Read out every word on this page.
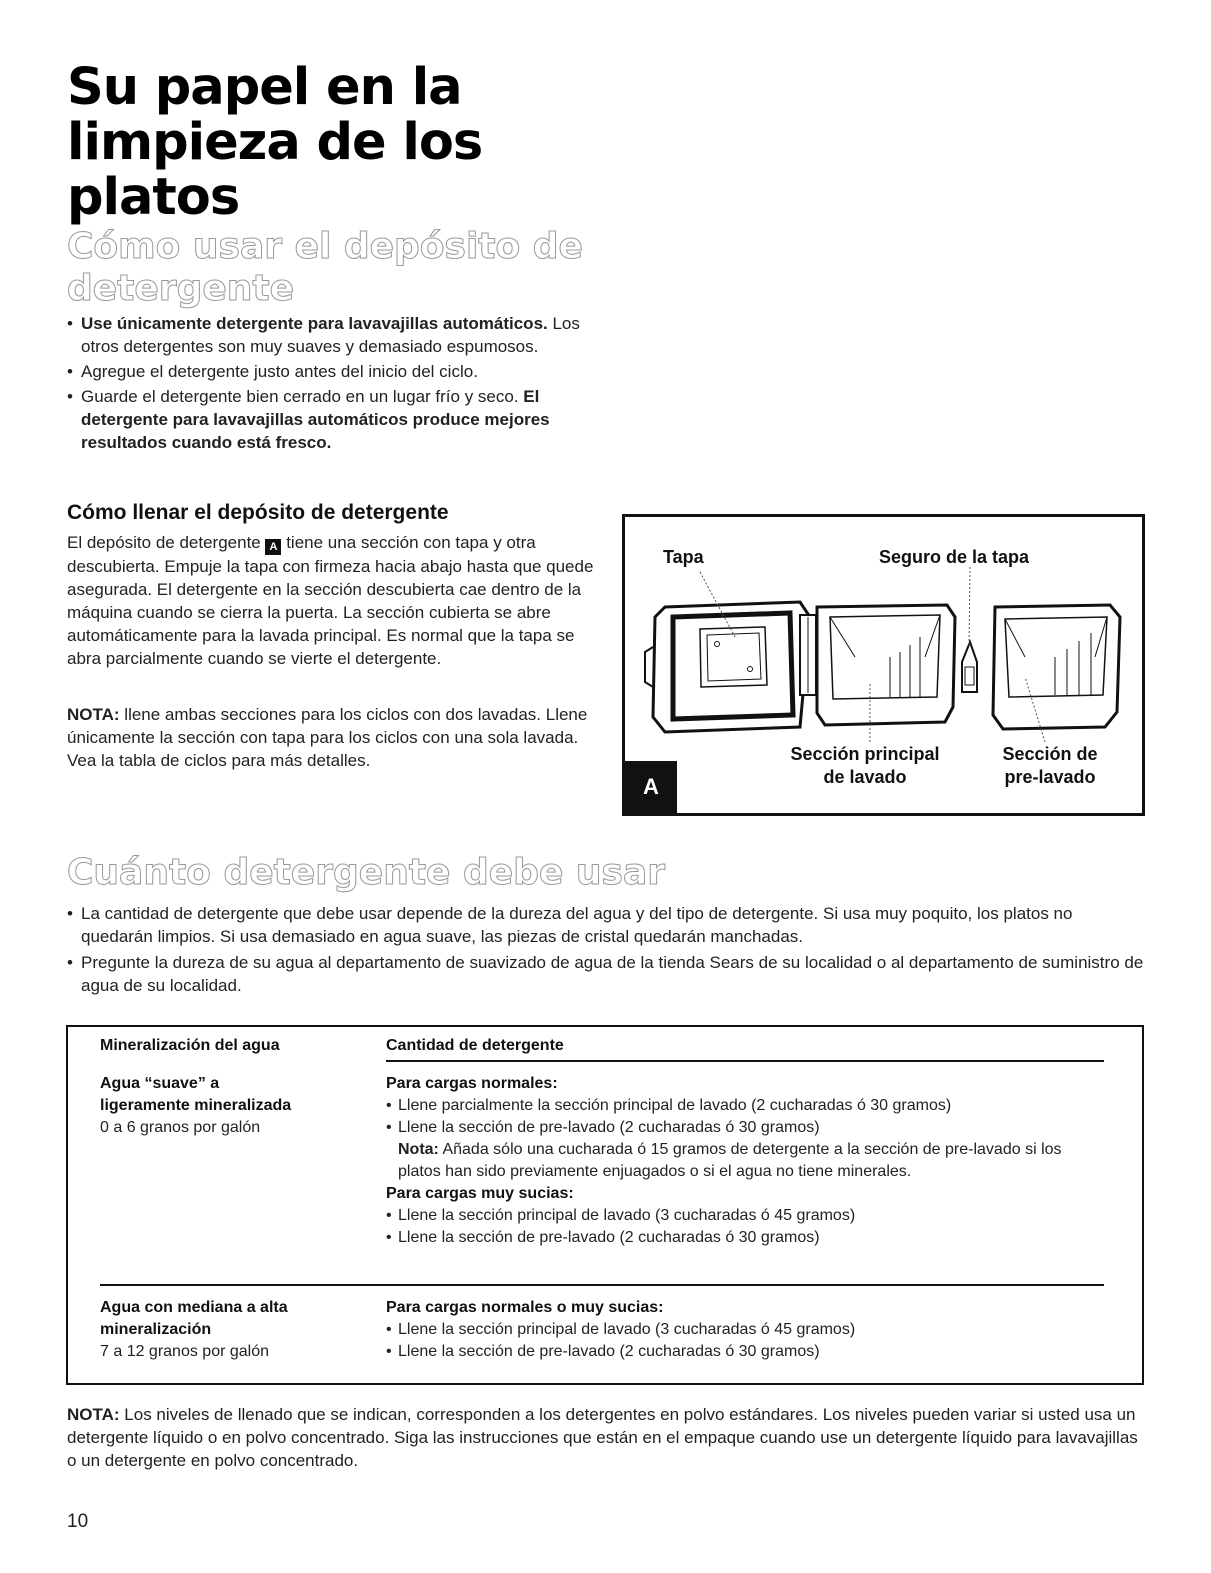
Su papel en la
limpieza de los
platos
Cómo usar el depósito de
detergente
• Use únicamente detergente para lavavajillas automáticos. Los otros detergentes son muy suaves y demasiado espumosos.
• Agregue el detergente justo antes del inicio del ciclo.
• Guarde el detergente bien cerrado en un lugar frío y seco. El detergente para lavavajillas automáticos produce mejores resultados cuando está fresco.
Cómo llenar el depósito de detergente
El depósito de detergente A tiene una sección con tapa y otra descubierta. Empuje la tapa con firmeza hacia abajo hasta que quede asegurada. El detergente en la sección descubierta cae dentro de la máquina cuando se cierra la puerta. La sección cubierta se abre automáticamente para la lavada principal. Es normal que la tapa se abra parcialmente cuando se vierte el detergente.
NOTA: llene ambas secciones para los ciclos con dos lavadas. Llene únicamente la sección con tapa para los ciclos con una sola lavada. Vea la tabla de ciclos para más detalles.
Tapa	Seguro de la tapa
Sección principal
de lavado
Sección de
pre-lavado
A
Cuánto detergente debe usar
• La cantidad de detergente que debe usar depende de la dureza del agua y del tipo de detergente. Si usa muy poquito, los platos no quedarán limpios. Si usa demasiado en agua suave, las piezas de cristal quedarán manchadas.
• Pregunte la dureza de su agua al departamento de suavizado de agua de la tienda Sears de su localidad o al departamento de suministro de agua de su localidad.
Mineralización del agua	Cantidad de detergente
Agua “suave” a
ligeramente mineralizada
0 a 6 granos por galón
Para cargas normales:
• Llene parcialmente la sección principal de lavado (2 cucharadas ó 30 gramos)
• Llene la sección de pre-lavado (2 cucharadas ó 30 gramos)
Nota: Añada sólo una cucharada ó 15 gramos de detergente a la sección de pre-lavado si los platos han sido previamente enjuagados o si el agua no tiene minerales.
Para cargas muy sucias:
• Llene la sección principal de lavado (3 cucharadas ó 45 gramos)
• Llene la sección de pre-lavado (2 cucharadas ó 30 gramos)
Agua con mediana a alta
mineralización
7 a 12 granos por galón
Para cargas normales o muy sucias:
• Llene la sección principal de lavado (3 cucharadas ó 45 gramos)
• Llene la sección de pre-lavado (2 cucharadas ó 30 gramos)
NOTA: Los niveles de llenado que se indican, corresponden a los detergentes en polvo estándares. Los niveles pueden variar si usted usa un detergente líquido o en polvo concentrado. Siga las instrucciones que están en el empaque cuando use un detergente líquido para lavavajillas o un detergente en polvo concentrado.
10
